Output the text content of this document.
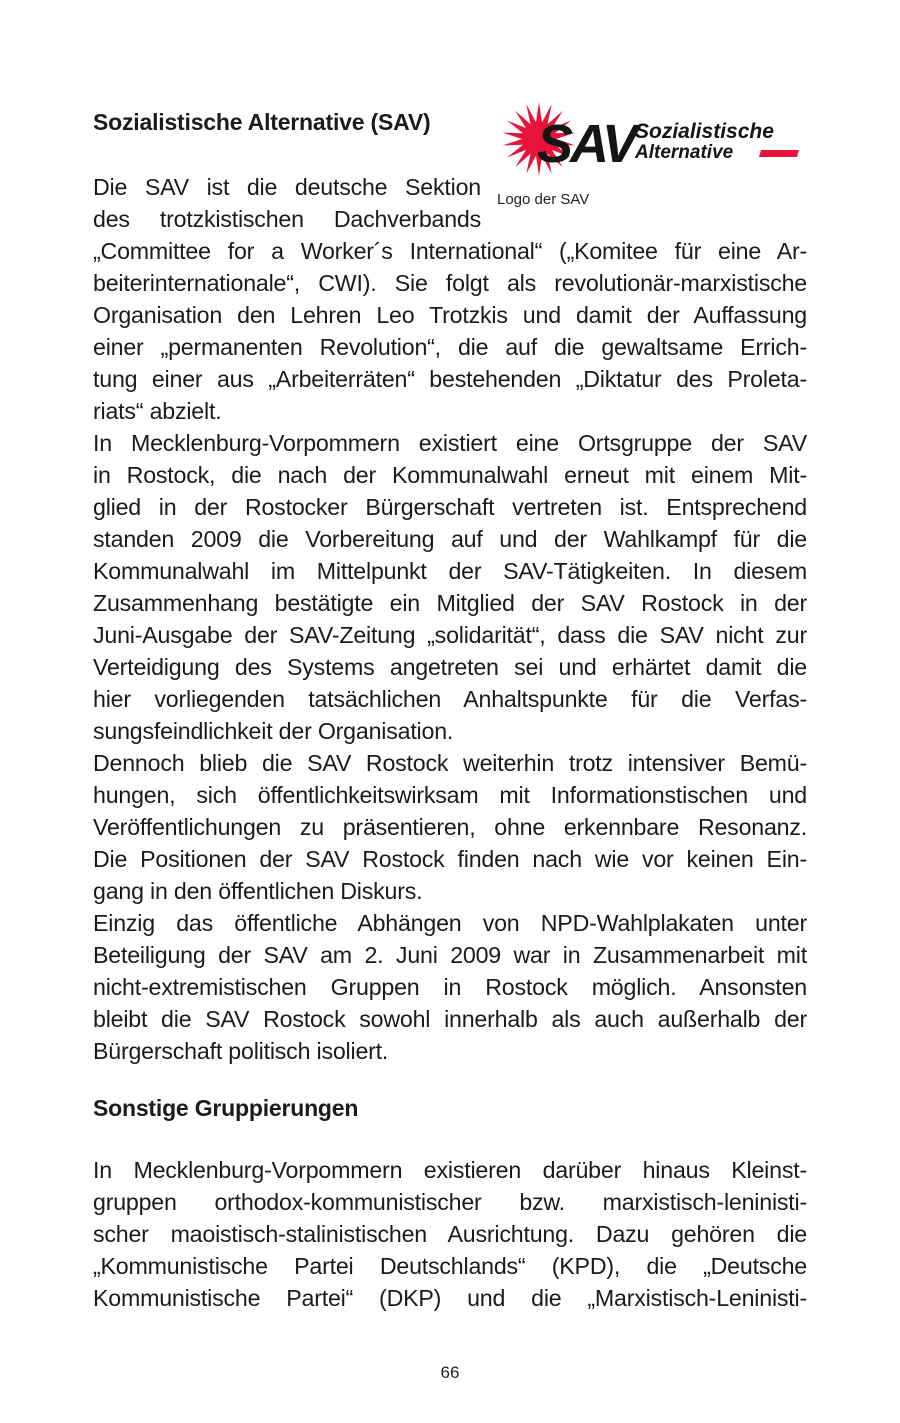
Sozialistische Alternative (SAV) SAV Sozialistische
Alternative
Logo der SAV
Die SAV ist die deutsche Sektion
des trotzkistischen Dachverbands
„Committee for a Worker´s International“ („Komitee für eine Ar-
beiterinternationale“, CWI). Sie folgt als revolutionär-marxistische
Organisation den Lehren Leo Trotzkis und damit der Auffassung
einer „permanenten Revolution“, die auf die gewaltsame Errich-
tung einer aus „Arbeiterräten“ bestehenden „Diktatur des Proleta-
riats“ abzielt.
In Mecklenburg-Vorpommern existiert eine Ortsgruppe der SAV
in Rostock, die nach der Kommunalwahl erneut mit einem Mit-
glied in der Rostocker Bürgerschaft vertreten ist. Entsprechend
standen 2009 die Vorbereitung auf und der Wahlkampf für die
Kommunalwahl im Mittelpunkt der SAV-Tätigkeiten. In diesem
Zusammenhang bestätigte ein Mitglied der SAV Rostock in der
Juni-Ausgabe der SAV-Zeitung „solidarität“, dass die SAV nicht zur
Verteidigung des Systems angetreten sei und erhärtet damit die
hier vorliegenden tatsächlichen Anhaltspunkte für die Verfas-
sungsfeindlichkeit der Organisation.
Dennoch blieb die SAV Rostock weiterhin trotz intensiver Bemü-
hungen, sich öffentlichkeitswirksam mit Informationstischen und
Veröffentlichungen zu präsentieren, ohne erkennbare Resonanz.
Die Positionen der SAV Rostock finden nach wie vor keinen Ein-
gang in den öffentlichen Diskurs.
Einzig das öffentliche Abhängen von NPD-Wahlplakaten unter
Beteiligung der SAV am 2. Juni 2009 war in Zusammenarbeit mit
nicht-extremistischen Gruppen in Rostock möglich. Ansonsten
bleibt die SAV Rostock sowohl innerhalb als auch außerhalb der
Bürgerschaft politisch isoliert.
Sonstige Gruppierungen
In Mecklenburg-Vorpommern existieren darüber hinaus Kleinst-
gruppen orthodox-kommunistischer bzw. marxistisch-leninisti-
scher maoistisch-stalinistischen Ausrichtung. Dazu gehören die
„Kommunistische Partei Deutschlands“ (KPD), die „Deutsche
Kommunistische Partei“ (DKP) und die „Marxistisch-Leninisti-
66
